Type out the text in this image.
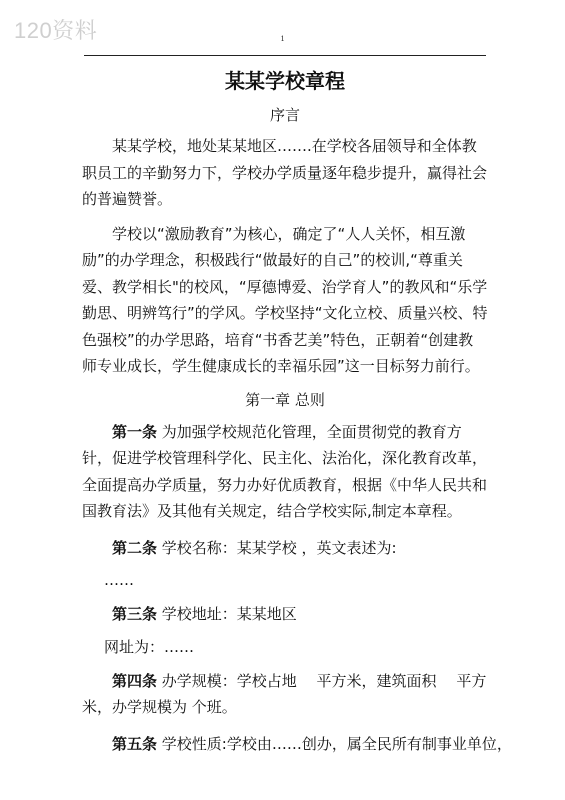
120资料	1
某某学校章程
序言

某某学校，地处某某地区…….在学校各届领导和全体教职员工的辛勤努力下，学校办学质量逐年稳步提升，赢得社会的普遍赞誉。

学校以“激励教育”为核心，确定了“人人关怀，相互激励”的办学理念，积极践行“做最好的自己”的校训,“尊重关爱、教学相长"的校风，“厚德博爱、治学育人”的教风和“乐学勤思、明辨笃行”的学风。学校坚持“文化立校、质量兴校、特色强校”的办学思路，培育“书香艺美”特色，正朝着“创建教师专业成长，学生健康成长的幸福乐园”这一目标努力前行。

第一章 总则

第一条 为加强学校规范化管理，全面贯彻党的教育方针，促进学校管理科学化、民主化、法治化，深化教育改革，全面提高办学质量，努力办好优质教育，根据《中华人民共和国教育法》及其他有关规定，结合学校实际,制定本章程。

第二条 学校名称：某某学校 ，英文表述为:

……

第三条 学校地址：某某地区

网址为：……

第四条 办学规模：学校占地 　平方米，建筑面积 　平方米，办学规模为 个班。

第五条 学校性质:学校由……创办，属全民所有制事业单位，
